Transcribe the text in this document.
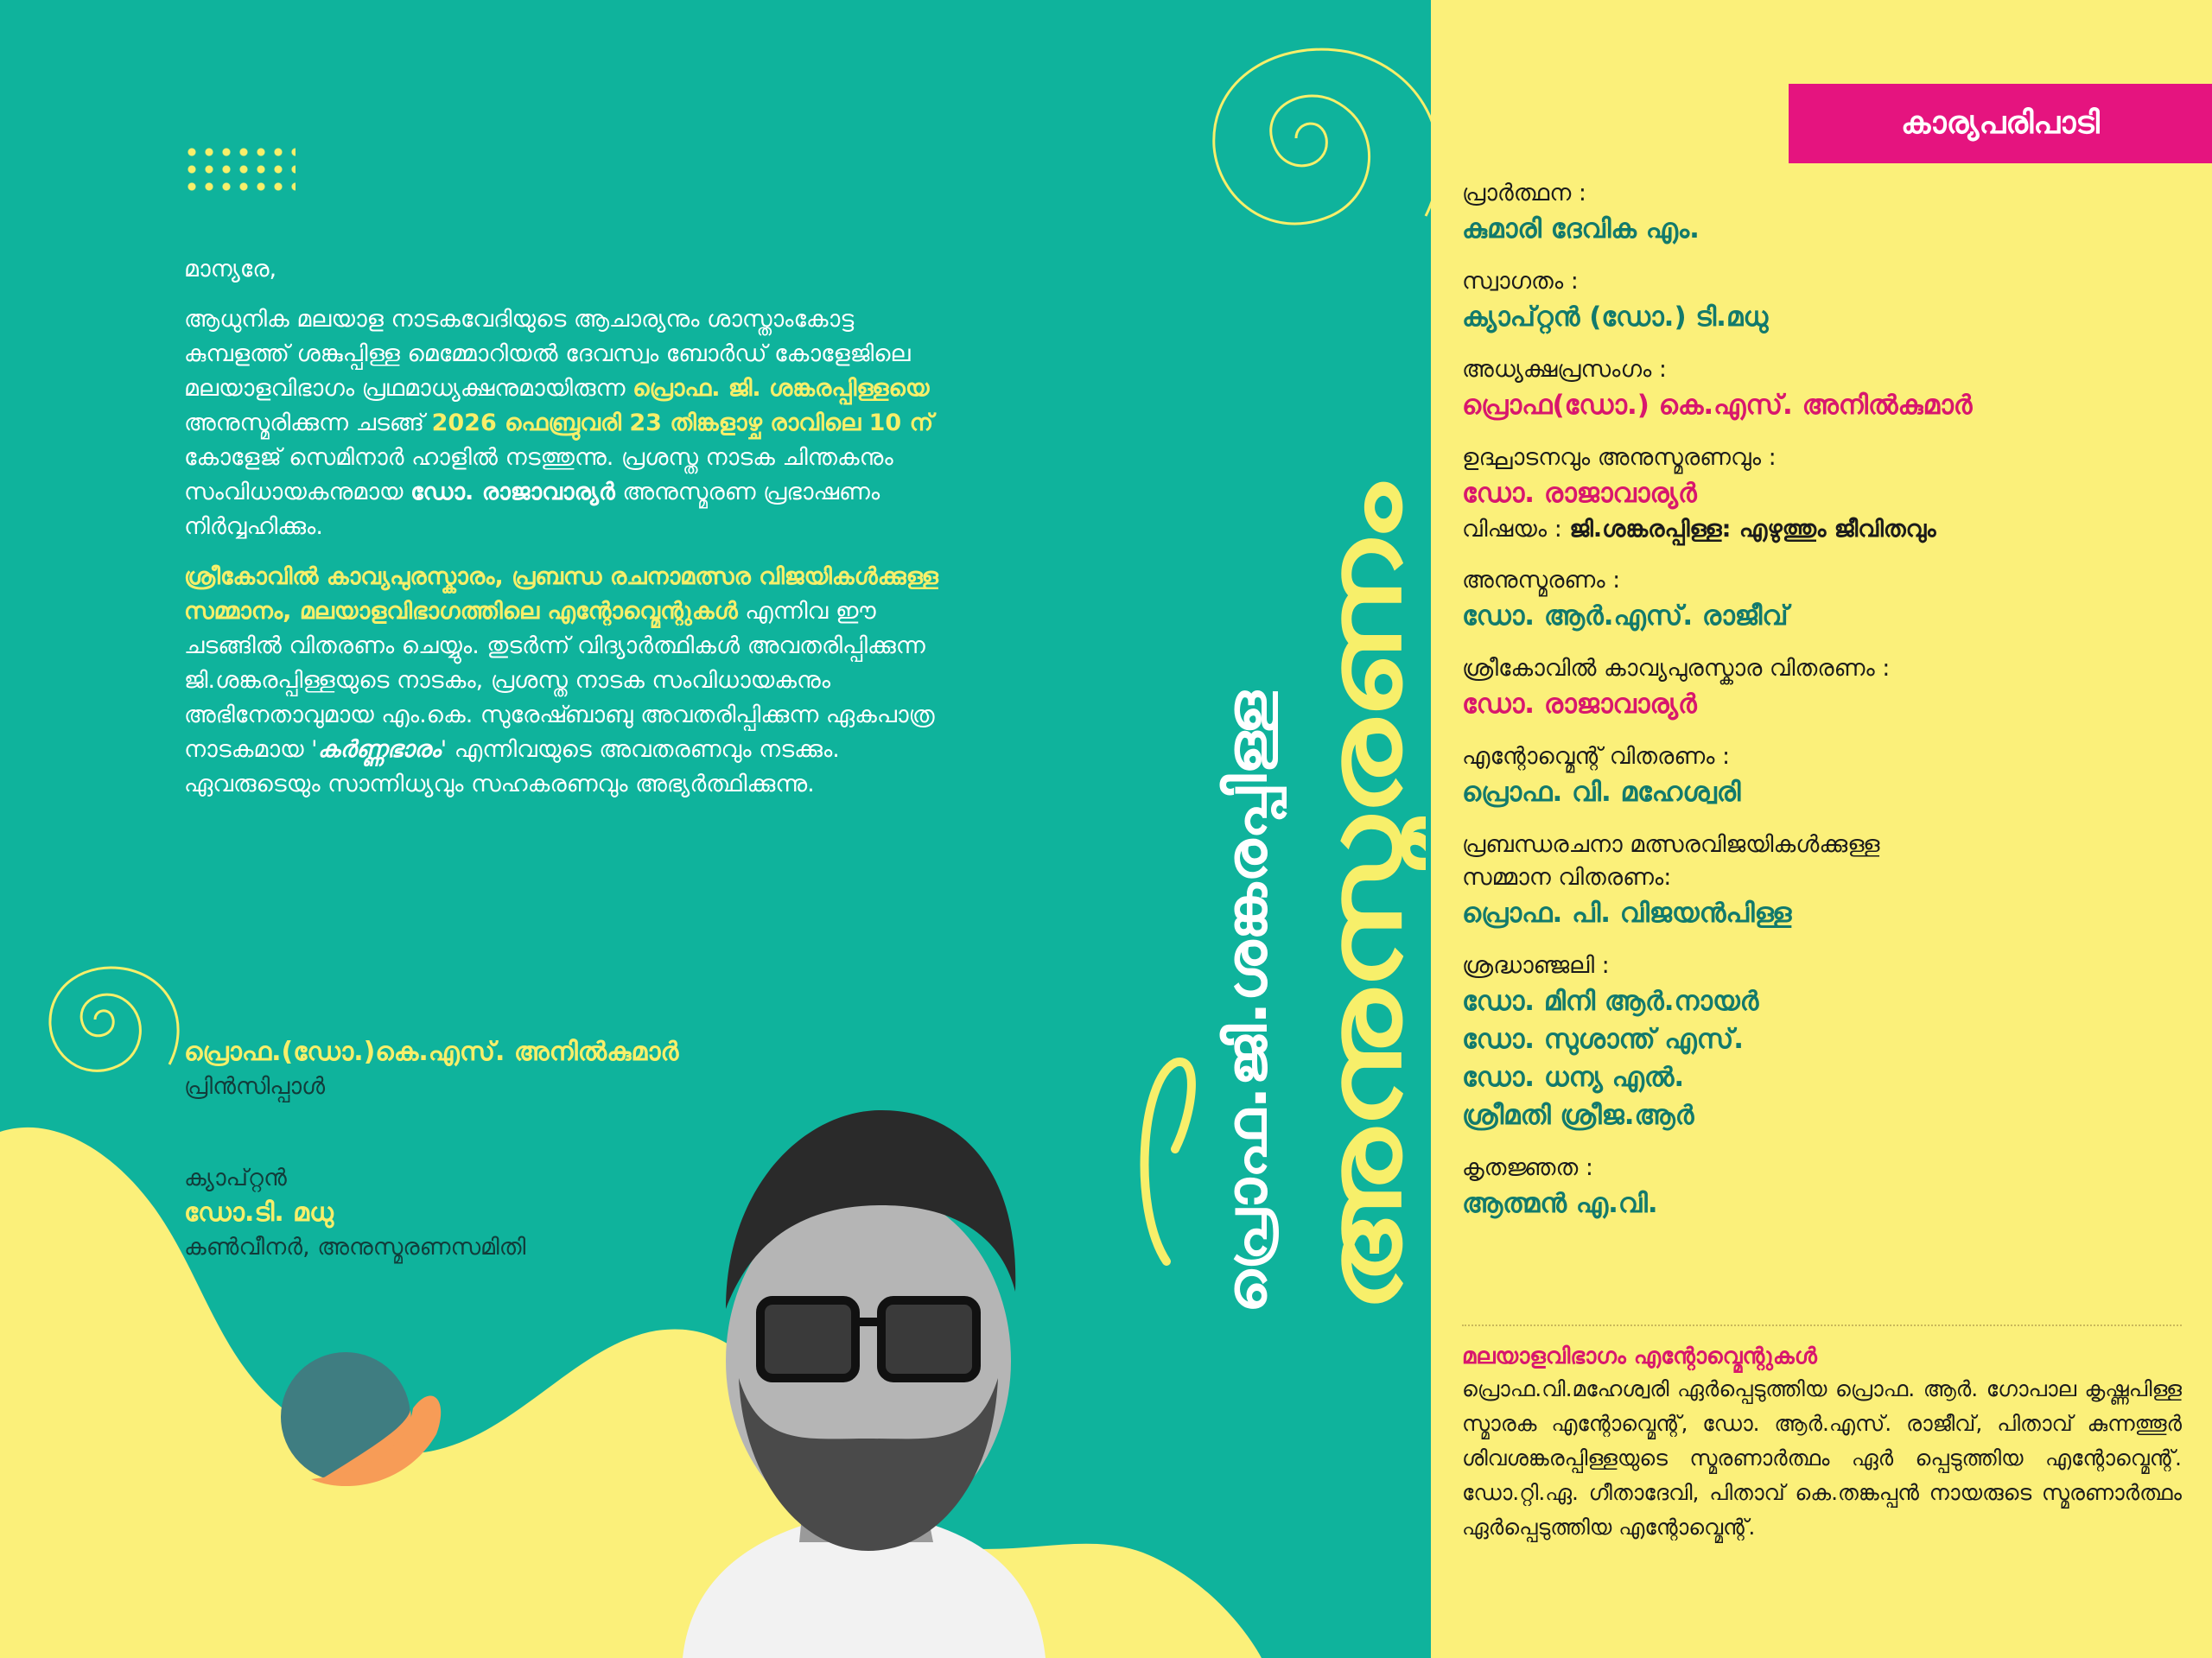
മാന്യരേ,

ആധുനിക മലയാള നാടകവേദിയുടെ ആചാര്യനും ശാസ്താംകോട്ട കുമ്പളത്ത് ശങ്കുപ്പിള്ള മെമ്മോറിയൽ ദേവസ്വം ബോർഡ് കോളേജിലെ മലയാളവിഭാഗം പ്രഥമാധ്യക്ഷനുമായിരുന്ന പ്രൊഫ. ജി. ശങ്കരപ്പിള്ളയെ അനുസ്മരിക്കുന്ന ചടങ്ങ് 2026 ഫെബ്രുവരി 23 തിങ്കളാഴ്ച രാവിലെ 10 ന് കോളേജ് സെമിനാർ ഹാളിൽ നടത്തുന്നു. പ്രശസ്ത നാടക ചിന്തകനും സംവിധായകനുമായ ഡോ. രാജാവാര്യർ അനുസ്മരണ പ്രഭാഷണം നിർവ്വഹിക്കും.

ശ്രീകോവിൽ കാവ്യപുരസ്കാരം, പ്രബന്ധ രചനാമത്സര വിജയികൾക്കുള്ള സമ്മാനം, മലയാളവിഭാഗത്തിലെ എന്റോവ്മെന്റുകൾ എന്നിവ ഈ ചടങ്ങിൽ വിതരണം ചെയ്യും. തുടർന്ന് വിദ്യാർത്ഥികൾ അവതരിപ്പിക്കുന്ന ജി.ശങ്കരപ്പിള്ളയുടെ നാടകം, പ്രശസ്ത നാടക സംവിധായകനും അഭിനേതാവുമായ എം.കെ. സുരേഷ്ബാബു അവതരിപ്പിക്കുന്ന ഏകപാത്ര നാടകമായ 'കർണ്ണഭാരം' എന്നിവയുടെ അവതരണവും നടക്കും. ഏവരുടെയും സാന്നിധ്യവും സഹകരണവും അഭ്യർത്ഥിക്കുന്നു.

പ്രൊഫ.(ഡോ.)കെ.എസ്. അനിൽകുമാർ
പ്രിൻസിപ്പാൾ
ക്യാപ്റ്റൻ
ഡോ.ടി. മധു
കൺവീനർ, അനുസ്മരണസമിതി	പ്രൊഫ.ജി.ശങ്കരപ്പിള്ള അനുസ്മരണം
കാര്യപരിപാടി
പ്രാർത്ഥന :
കുമാരി ദേവിക എം.
സ്വാഗതം :
ക്യാപ്റ്റൻ (ഡോ.) ടി.മധു
അധ്യക്ഷപ്രസംഗം :
പ്രൊഫ(ഡോ.) കെ.എസ്. അനിൽകുമാർ
ഉദ്ഘാടനവും അനുസ്മരണവും :
ഡോ. രാജാവാര്യർ
വിഷയം : ജി.ശങ്കരപ്പിള്ള: എഴുത്തും ജീവിതവും
അനുസ്മരണം :
ഡോ. ആർ.എസ്. രാജീവ്
ശ്രീകോവിൽ കാവ്യപുരസ്കാര വിതരണം :
ഡോ. രാജാവാര്യർ
എന്റോവ്മെന്റ് വിതരണം :
പ്രൊഫ. വി. മഹേശ്വരി
പ്രബന്ധരചനാ മത്സരവിജയികൾക്കുള്ള
സമ്മാന വിതരണം:
പ്രൊഫ. പി. വിജയൻപിള്ള
ശ്രദ്ധാഞ്ജലി :
ഡോ. മിനി ആർ.നായർ
ഡോ. സുശാന്ത് എസ്.
ഡോ. ധന്യ എൽ.
ശ്രീമതി ശ്രീജ.ആർ
കൃതജ്ഞത :
ആത്മൻ എ.വി.
മലയാളവിഭാഗം എന്റോവ്മെന്റുകൾ
പ്രൊഫ.വി.മഹേശ്വരി ഏർപ്പെടുത്തിയ പ്രൊഫ. ആർ. ഗോപാല കൃഷ്ണപിള്ള സ്മാരക എന്റോവ്മെന്റ്, ഡോ. ആർ.എസ്. രാജീവ്, പിതാവ് കുന്നത്തൂർ ശിവശങ്കരപ്പിള്ളയുടെ സ്മരണാർത്ഥം ഏർ പ്പെടുത്തിയ എന്റോവ്മെന്റ്. ഡോ.റ്റി.ഏ. ഗീതാദേവി, പിതാവ് കെ.തങ്കപ്പൻ നായരുടെ സ്മരണാർത്ഥം ഏർപ്പെടുത്തിയ എന്റോവ്മെന്റ്.
